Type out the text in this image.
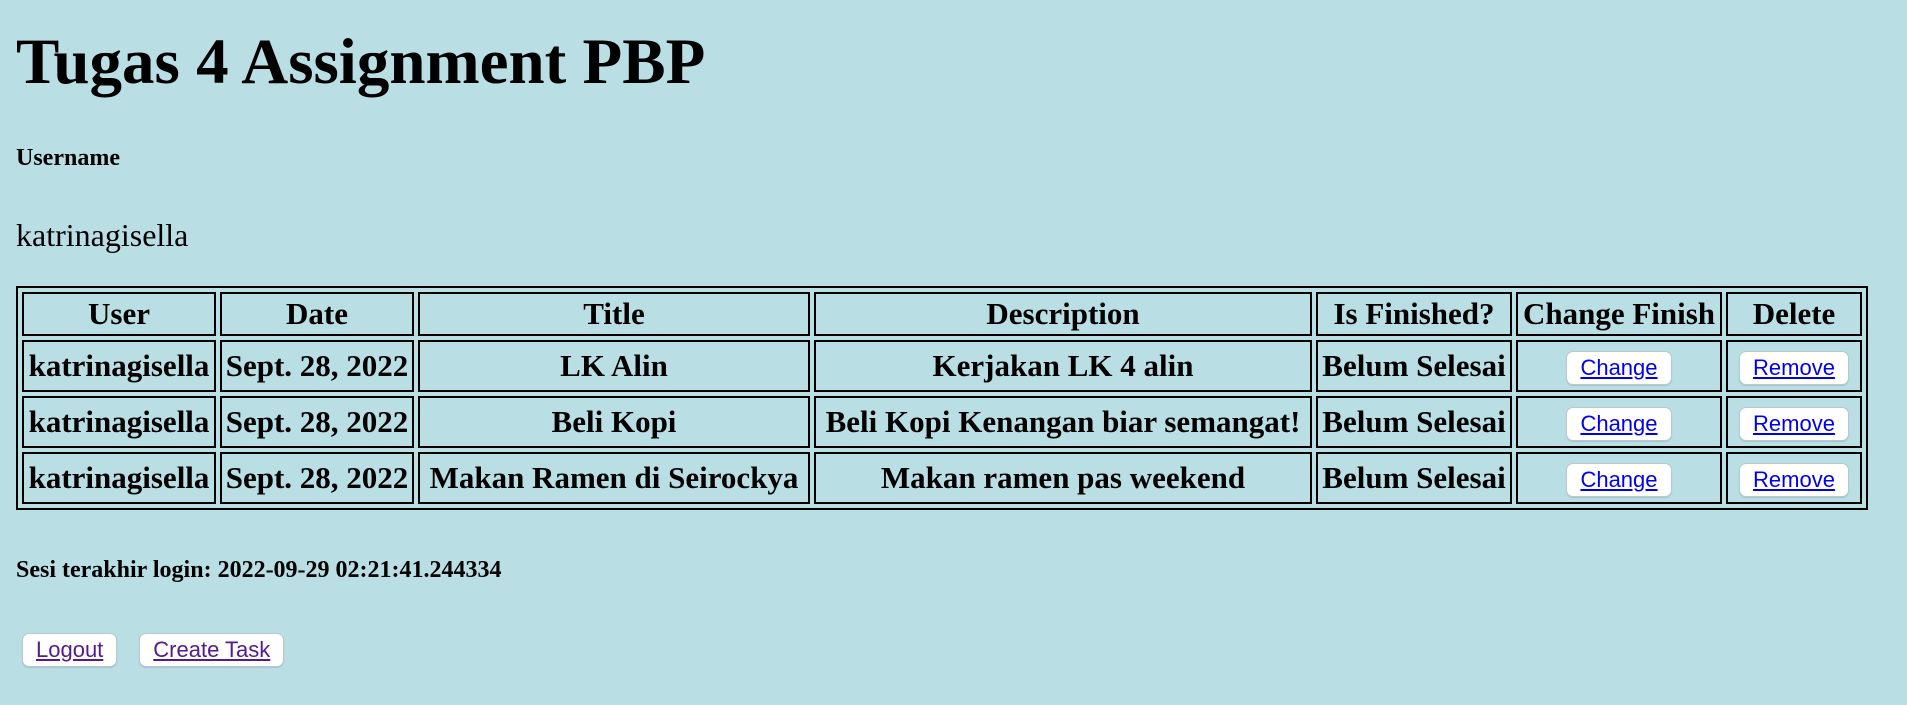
Tugas 4 Assignment PBP
Username

katrinagisella

User	Date	Title	Description	Is Finished?	Change Finish	Delete
katrinagisella	Sept. 28, 2022	LK Alin	Kerjakan LK 4 alin	Belum Selesai	Change	Remove
katrinagisella	Sept. 28, 2022	Beli Kopi	Beli Kopi Kenangan biar semangat!	Belum Selesai	Change	Remove
katrinagisella	Sept. 28, 2022	Makan Ramen di Seirockya	Makan ramen pas weekend	Belum Selesai	Change	Remove
Sesi terakhir login: 2022-09-29 02:21:41.244334
Logout	Create Task
